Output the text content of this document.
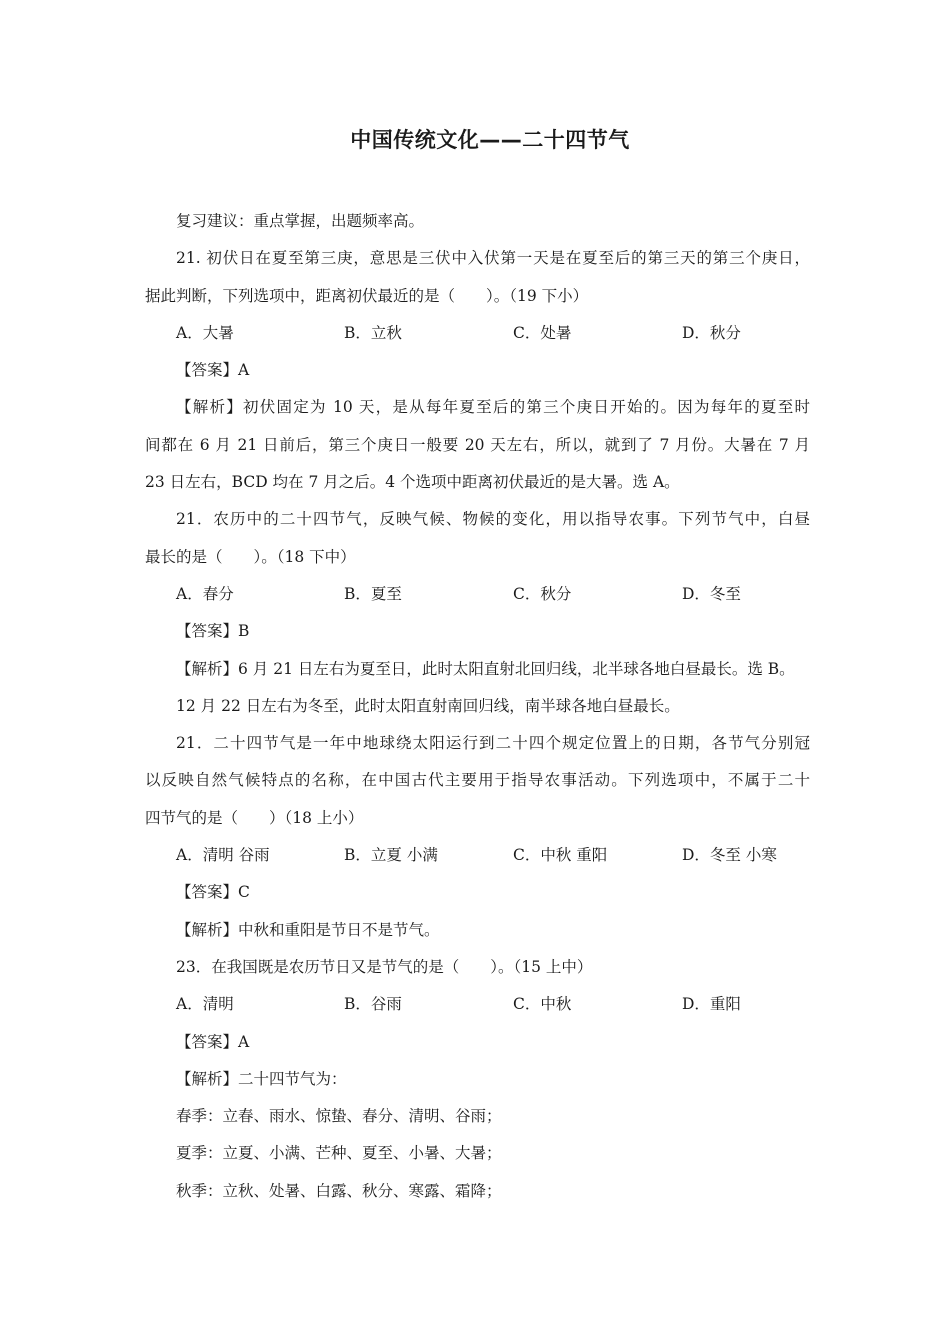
中国传统文化——二十四节气
复习建议：重点掌握，出题频率高。
21. 初伏日在夏至第三庚，意思是三伏中入伏第一天是在夏至后的第三天的第三个庚日，
据此判断，下列选项中，距离初伏最近的是（　　）。（19 下小）
A．大暑	B．立秋	C．处暑	D．秋分
【答案】A
【解析】初伏固定为 10 天，是从每年夏至后的第三个庚日开始的。因为每年的夏至时
间都在 6 月 21 日前后，第三个庚日一般要 20 天左右，所以，就到了 7 月份。大暑在 7 月
23 日左右，BCD 均在 7 月之后。4 个选项中距离初伏最近的是大暑。选 A。
21．农历中的二十四节气，反映气候、物候的变化，用以指导农事。下列节气中，白昼
最长的是（　　）。（18 下中）
A．春分	B．夏至	C．秋分	D．冬至
【答案】B
【解析】6 月 21 日左右为夏至日，此时太阳直射北回归线，北半球各地白昼最长。选 B。
12 月 22 日左右为冬至，此时太阳直射南回归线，南半球各地白昼最长。
21．二十四节气是一年中地球绕太阳运行到二十四个规定位置上的日期，各节气分别冠
以反映自然气候特点的名称，在中国古代主要用于指导农事活动。下列选项中，不属于二十
四节气的是（　　）（18 上小）
A．清明 谷雨	B．立夏 小满	C．中秋 重阳	D．冬至 小寒
【答案】C
【解析】中秋和重阳是节日不是节气。
23．在我国既是农历节日又是节气的是（　　）。（15 上中）
A．清明	B．谷雨	C．中秋	D．重阳
【答案】A
【解析】二十四节气为：
春季：立春、雨水、惊蛰、春分、清明、谷雨；
夏季：立夏、小满、芒种、夏至、小暑、大暑；
秋季：立秋、处暑、白露、秋分、寒露、霜降；
